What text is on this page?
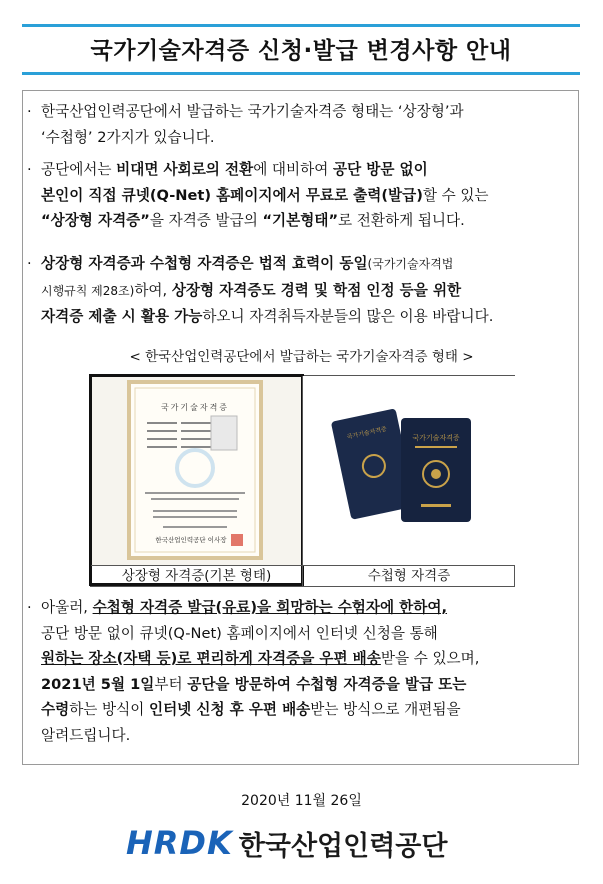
국가기술자격증 신청·발급 변경사항 안내
· 한국산업인력공단에서 발급하는 국가기술자격증 형태는 ‘상장형’과
‘수첩형’ 2가지가 있습니다.
· 공단에서는 비대면 사회로의 전환에 대비하여 공단 방문 없이
본인이 직접 큐넷(Q-Net) 홈페이지에서 무료로 출력(발급)할 수 있는
“상장형 자격증”을 자격증 발급의 “기본형태”로 전환하게 됩니다.
· 상장형 자격증과 수첩형 자격증은 법적 효력이 동일(국가기술자격법
시행규칙 제28조)하여, 상장형 자격증도 경력 및 학점 인정 등을 위한
자격증 제출 시 활용 가능하오니 자격취득자분들의 많은 이용 바랍니다.
< 한국산업인력공단에서 발급하는 국가기술자격증 형태 >
국가기술자격증
한국산업인력공단 이사장
국가기술자격증	국가기술자격증
상장형 자격증(기본 형태)	수첩형 자격증
· 아울러, 수첩형 자격증 발급(유료)을 희망하는 수험자에 한하여,
공단 방문 없이 큐넷(Q-Net) 홈페이지에서 인터넷 신청을 통해
원하는 장소(자택 등)로 편리하게 자격증을 우편 배송받을 수 있으며,
2021년 5월 1일부터 공단을 방문하여 수첩형 자격증을 발급 또는
수령하는 방식이 인터넷 신청 후 우편 배송받는 방식으로 개편됨을
알려드립니다.
2020년 11월 26일
HRDK 한국산업인력공단
